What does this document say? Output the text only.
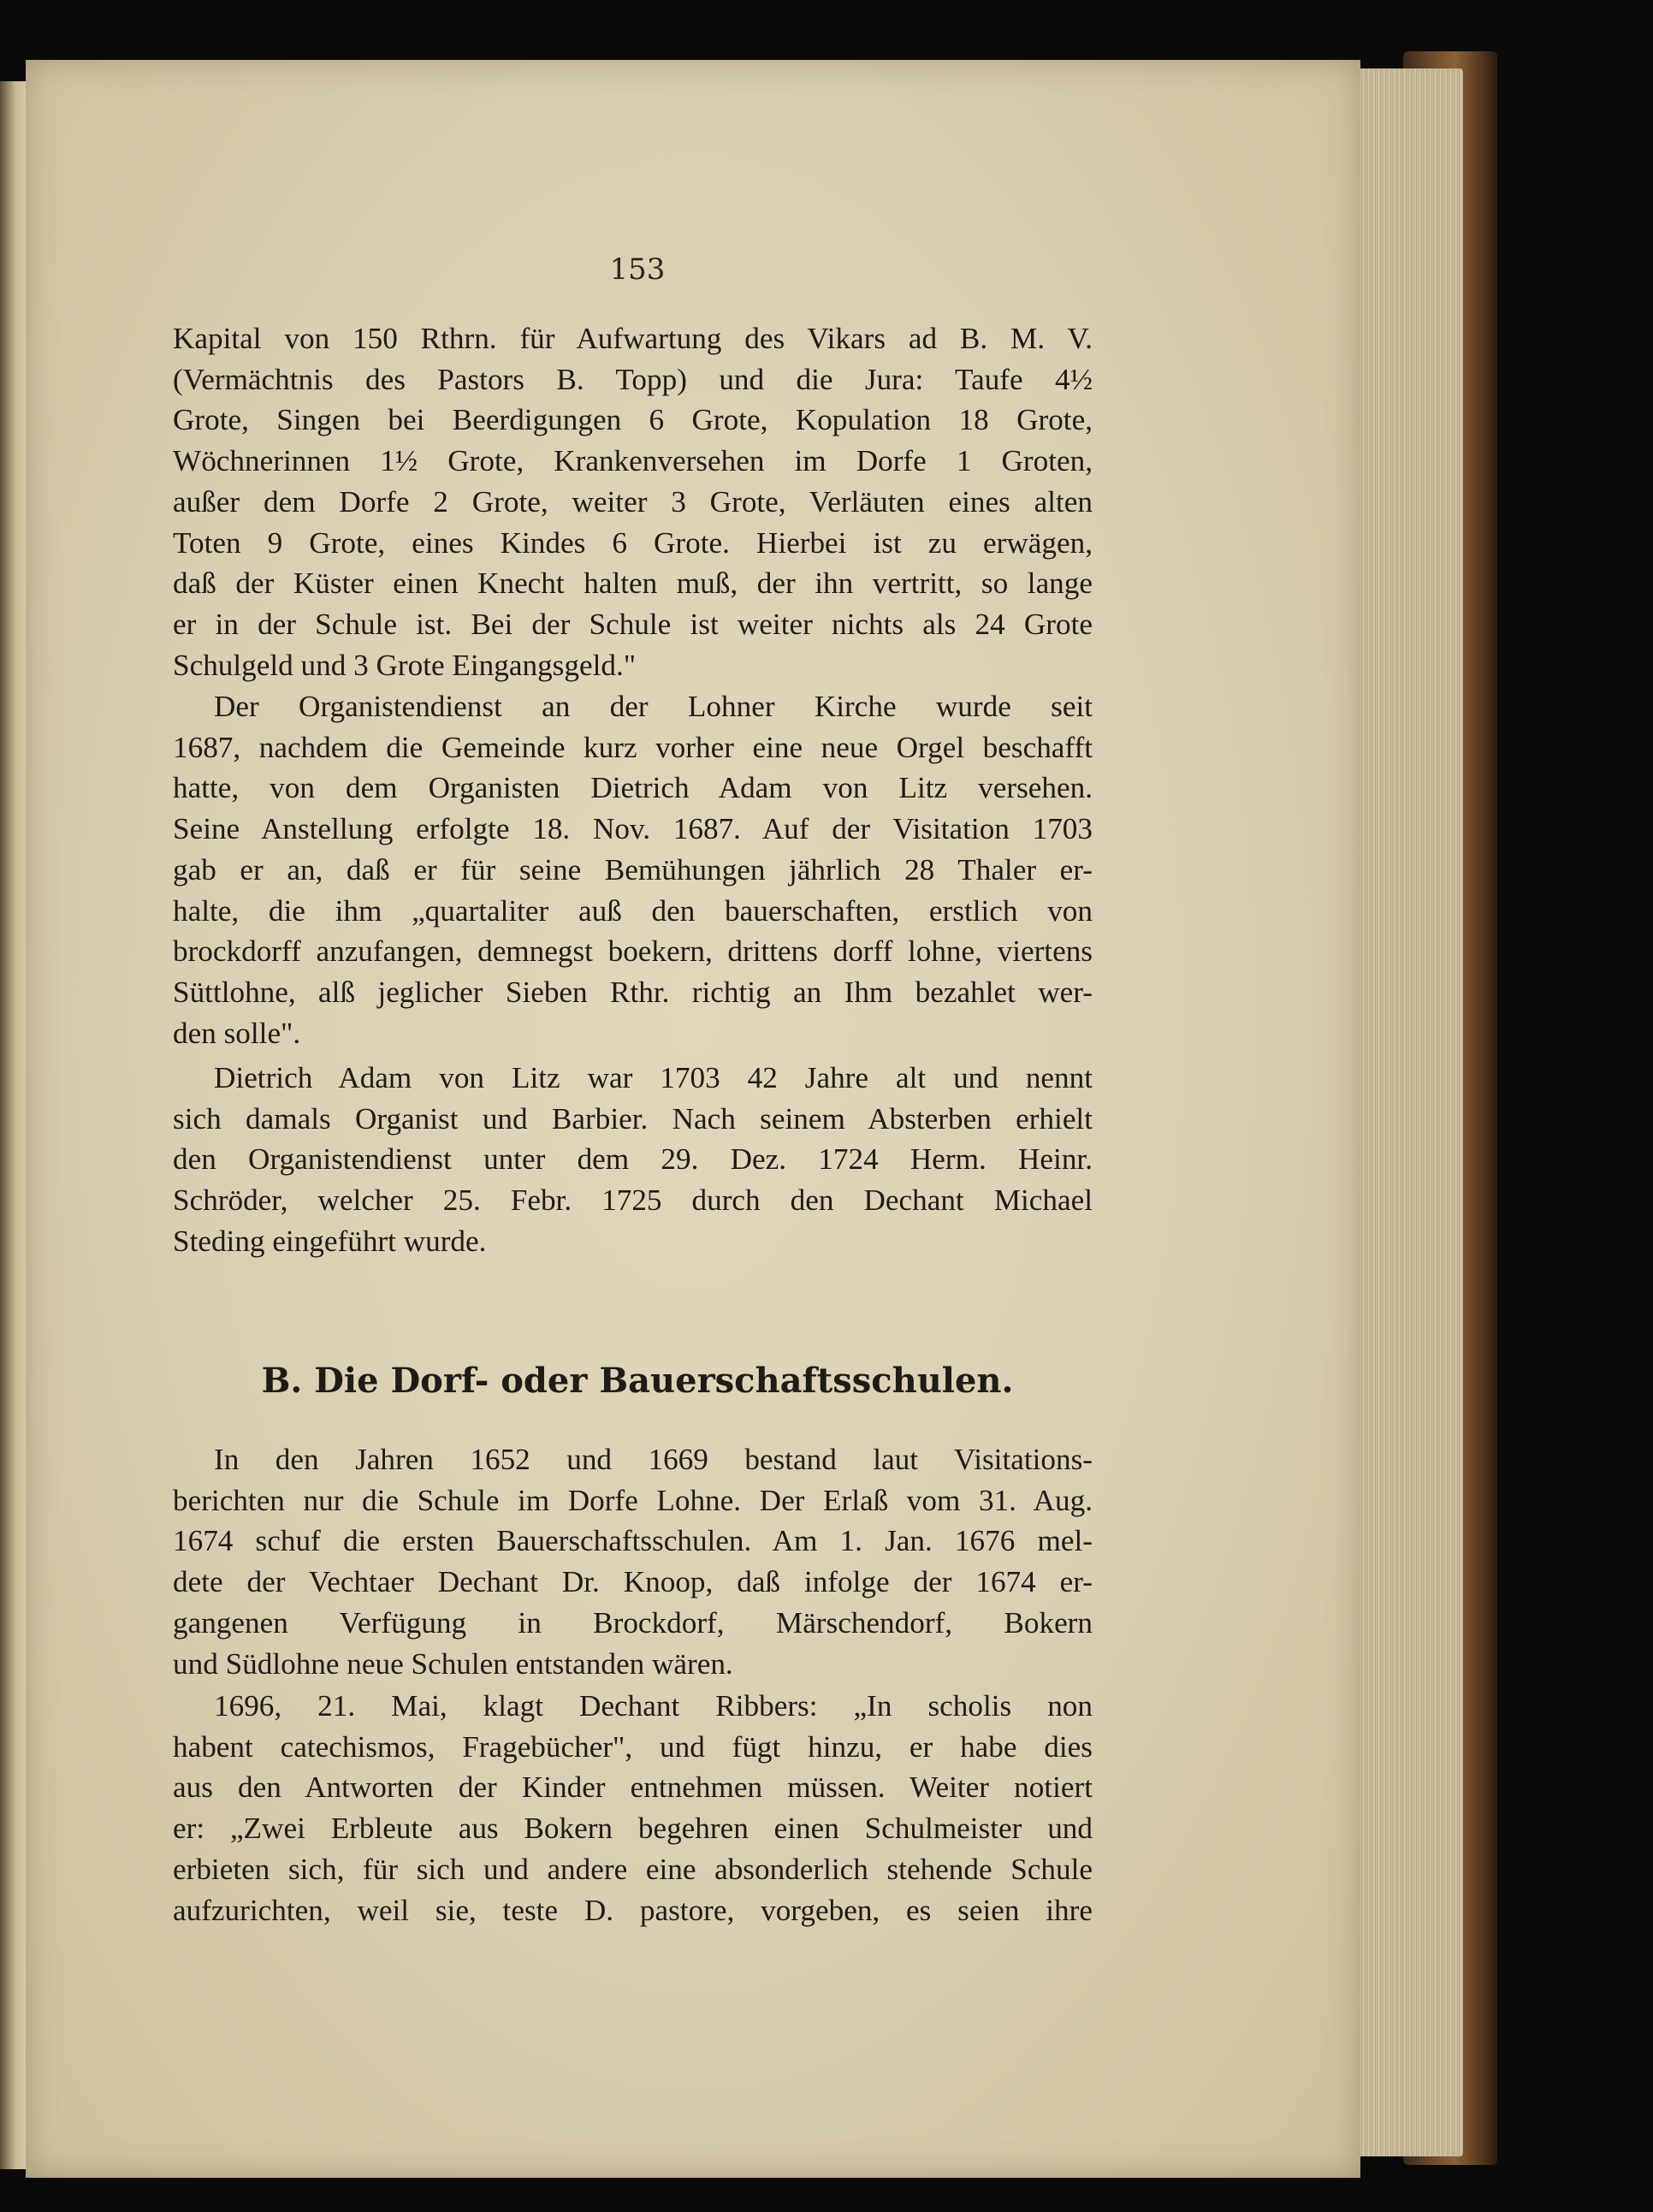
153
Kapital von 150 Rthrn. für Aufwartung des Vikars ad B. M. V.
(Vermächtnis des Pastors B. Topp) und die Jura: Taufe 4½
Grote, Singen bei Beerdigungen 6 Grote, Kopulation 18 Grote,
Wöchnerinnen 1½ Grote, Krankenversehen im Dorfe 1 Groten,
außer dem Dorfe 2 Grote, weiter 3 Grote, Verläuten eines alten
Toten 9 Grote, eines Kindes 6 Grote. Hierbei ist zu erwägen,
daß der Küster einen Knecht halten muß, der ihn vertritt, so lange
er in der Schule ist. Bei der Schule ist weiter nichts als 24 Grote
Schulgeld und 3 Grote Eingangsgeld."
Der Organistendienst an der Lohner Kirche wurde seit
1687, nachdem die Gemeinde kurz vorher eine neue Orgel beschafft
hatte, von dem Organisten Dietrich Adam von Litz versehen.
Seine Anstellung erfolgte 18. Nov. 1687. Auf der Visitation 1703
gab er an, daß er für seine Bemühungen jährlich 28 Thaler er-
halte, die ihm „quartaliter auß den bauerschaften, erstlich von
brockdorff anzufangen, demnegst boekern, drittens dorff lohne, viertens
Süttlohne, alß jeglicher Sieben Rthr. richtig an Ihm bezahlet wer-
den solle".
Dietrich Adam von Litz war 1703 42 Jahre alt und nennt
sich damals Organist und Barbier. Nach seinem Absterben erhielt
den Organistendienst unter dem 29. Dez. 1724 Herm. Heinr.
Schröder, welcher 25. Febr. 1725 durch den Dechant Michael
Steding eingeführt wurde.
B. Die Dorf- oder Bauerschaftsschulen.
In den Jahren 1652 und 1669 bestand laut Visitations-
berichten nur die Schule im Dorfe Lohne. Der Erlaß vom 31. Aug.
1674 schuf die ersten Bauerschaftsschulen. Am 1. Jan. 1676 mel-
dete der Vechtaer Dechant Dr. Knoop, daß infolge der 1674 er-
gangenen Verfügung in Brockdorf, Märschendorf, Bokern
und Südlohne neue Schulen entstanden wären.
1696, 21. Mai, klagt Dechant Ribbers: „In scholis non
habent catechismos, Fragebücher", und fügt hinzu, er habe dies
aus den Antworten der Kinder entnehmen müssen. Weiter notiert
er: „Zwei Erbleute aus Bokern begehren einen Schulmeister und
erbieten sich, für sich und andere eine absonderlich stehende Schule
aufzurichten, weil sie, teste D. pastore, vorgeben, es seien ihre
